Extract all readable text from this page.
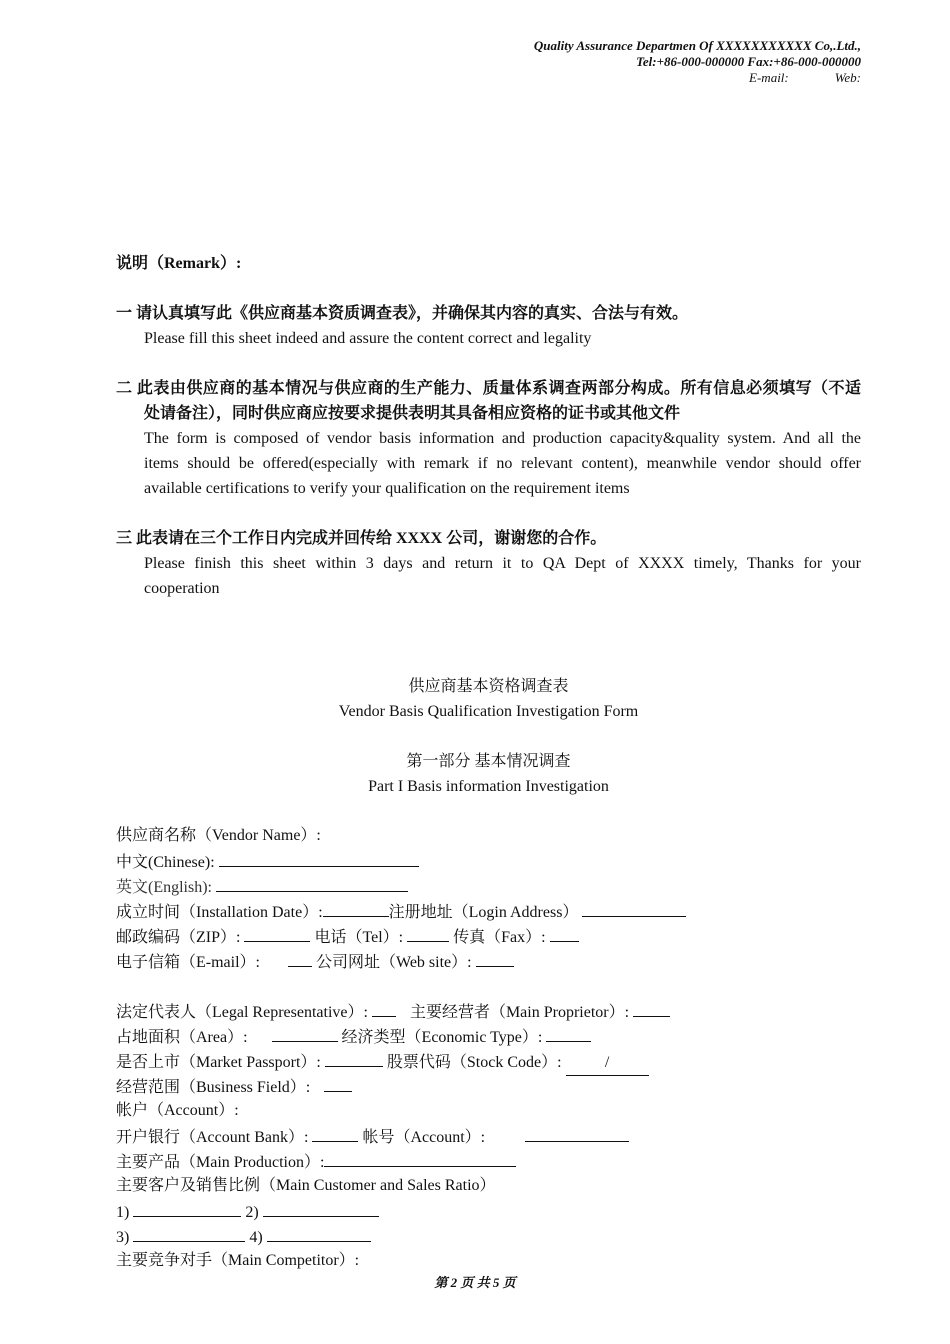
Quality Assurance Departmen Of XXXXXXXXXXX Co,.Ltd.,
Tel:+86-000-000000 Fax:+86-000-000000
E-mail:	Web:
说明（Remark）:
一 请认真填写此《供应商基本资质调查表》，并确保其内容的真实、合法与有效。
Please fill this sheet indeed and assure the content correct and legality
二 此表由供应商的基本情况与供应商的生产能力、质量体系调查两部分构成。所有信息必须填写（不适
处请备注），同时供应商应按要求提供表明其具备相应资格的证书或其他文件
The form is composed of vendor basis information and production capacity&quality system. And all the
items should be offered(especially with remark if no relevant content), meanwhile vendor should offer
available certifications to verify your qualification on the requirement items
三 此表请在三个工作日内完成并回传给 XXXX 公司，谢谢您的合作。
Please finish this sheet within 3 days and return it to QA Dept of XXXX timely, Thanks for your
cooperation
供应商基本资格调查表
Vendor Basis Qualification Investigation Form
第一部分 基本情况调查
Part I Basis information Investigation
供应商名称（Vendor Name）:
中文(Chinese):
英文(English):
成立时间（Installation Date）:	注册地址（Login Address）
邮政编码（ZIP）:	电话（Tel）:	传真（Fax）:
电子信箱（E-mail）:	公司网址（Web site）:
法定代表人（Legal Representative）:	主要经营者（Main Proprietor）:
占地面积（Area）:	经济类型（Economic Type）:
是否上市（Market Passport）:	股票代码（Stock Code）:	/
经营范围（Business Field）:
帐户（Account）:
开户银行（Account Bank）:	帐号（Account）:
主要产品（Main Production）:
主要客户及销售比例（Main Customer and Sales Ratio）
1)	2)
3)	4)
主要竞争对手（Main Competitor）:
第 2 页 共 5 页
